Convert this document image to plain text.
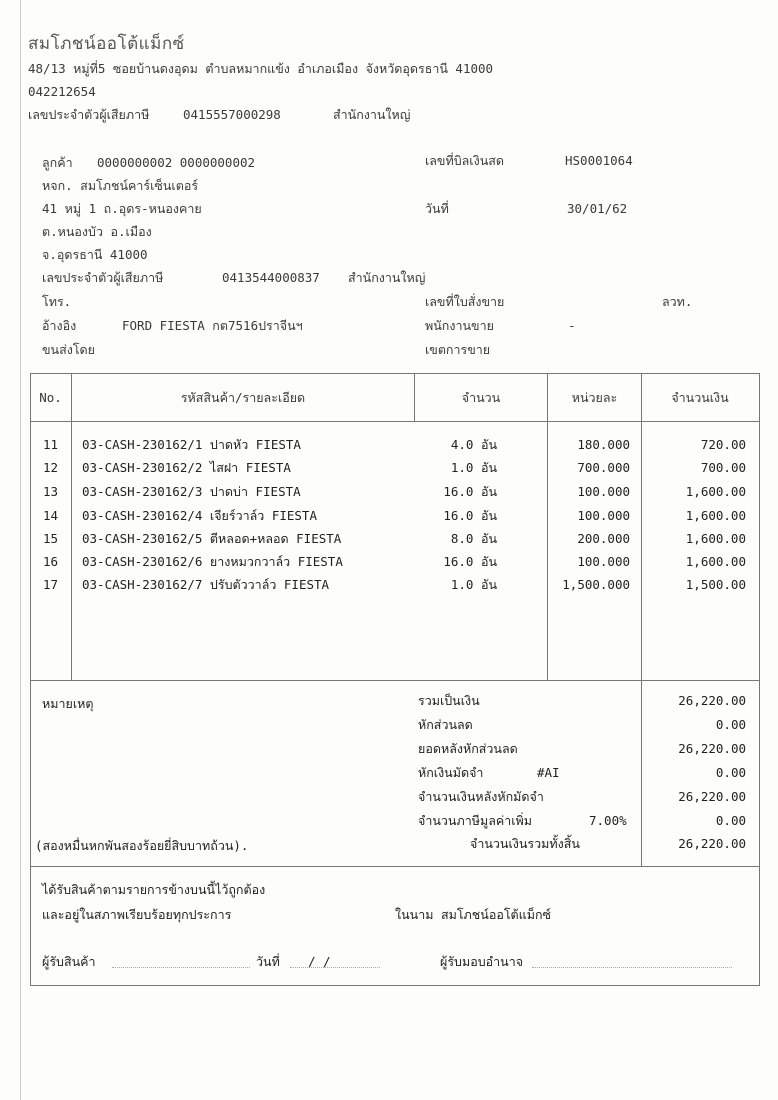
สมโภชน์ออโต้แม็กซ์
48/13 หมู่ที่5 ซอยบ้านดงอุดม ตำบลหมากแข้ง อำเภอเมือง จังหวัดอุดรธานี 41000
042212654
เลขประจำตัวผู้เสียภาษี	0415557000298	สำนักงานใหญ่
ลูกค้า 0000000002 0000000002
หจก. สมโภชน์คาร์เซ็นเตอร์
41 หมู่ 1 ถ.อุดร-หนองคาย
ต.หนองบัว อ.เมือง
จ.อุดรธานี 41000
เลขประจำตัวผู้เสียภาษี	0413544000837 สำนักงานใหญ่
โทร.
อ้างอิง	FORD FIESTA กต7516ปราจีนฯ
ขนส่งโดย
เลขที่บิลเงินสด	HS0001064
วันที่	30/01/62
เลขที่ใบสั่งขาย	ลวท.
พนักงานขาย	-
เขตการขาย
No.	รหัสสินค้า/รายละเอียด	จำนวน	หน่วยละ	จำนวนเงิน
11	03-CASH-230162/1 ปาดหัว FIESTA	4.0 อัน	180.000	720.00
12	03-CASH-230162/2 ไสฝา FIESTA	1.0 อัน	700.000	700.00
13	03-CASH-230162/3 ปาดบ่า FIESTA	16.0 อัน	100.000	1,600.00
14	03-CASH-230162/4 เจียร์วาล์ว FIESTA	16.0 อัน	100.000	1,600.00
15	03-CASH-230162/5 ตีหลอด+หลอด FIESTA	8.0 อัน	200.000	1,600.00
16	03-CASH-230162/6 ยางหมวกวาล์ว FIESTA	16.0 อัน	100.000	1,600.00
17	03-CASH-230162/7 ปรับตัววาล์ว FIESTA	1.0 อัน	1,500.000	1,500.00
หมายเหตุ	รวมเป็นเงิน	26,220.00
หักส่วนลด	0.00
ยอดหลังหักส่วนลด	26,220.00
หักเงินมัดจำ	#AI	0.00
จำนวนเงินหลังหักมัดจำ	26,220.00
จำนวนภาษีมูลค่าเพิ่ม	7.00%	0.00
(สองหมื่นหกพันสองร้อยยี่สิบบาทถ้วน).	จำนวนเงินรวมทั้งสิ้น	26,220.00
ได้รับสินค้าตามรายการข้างบนนี้ไว้ถูกต้อง
และอยู่ในสภาพเรียบร้อยทุกประการ	ในนาม สมโภชน์ออโต้แม็กซ์
ผู้รับสินค้า	วันที่ / /	ผู้รับมอบอำนาจ
